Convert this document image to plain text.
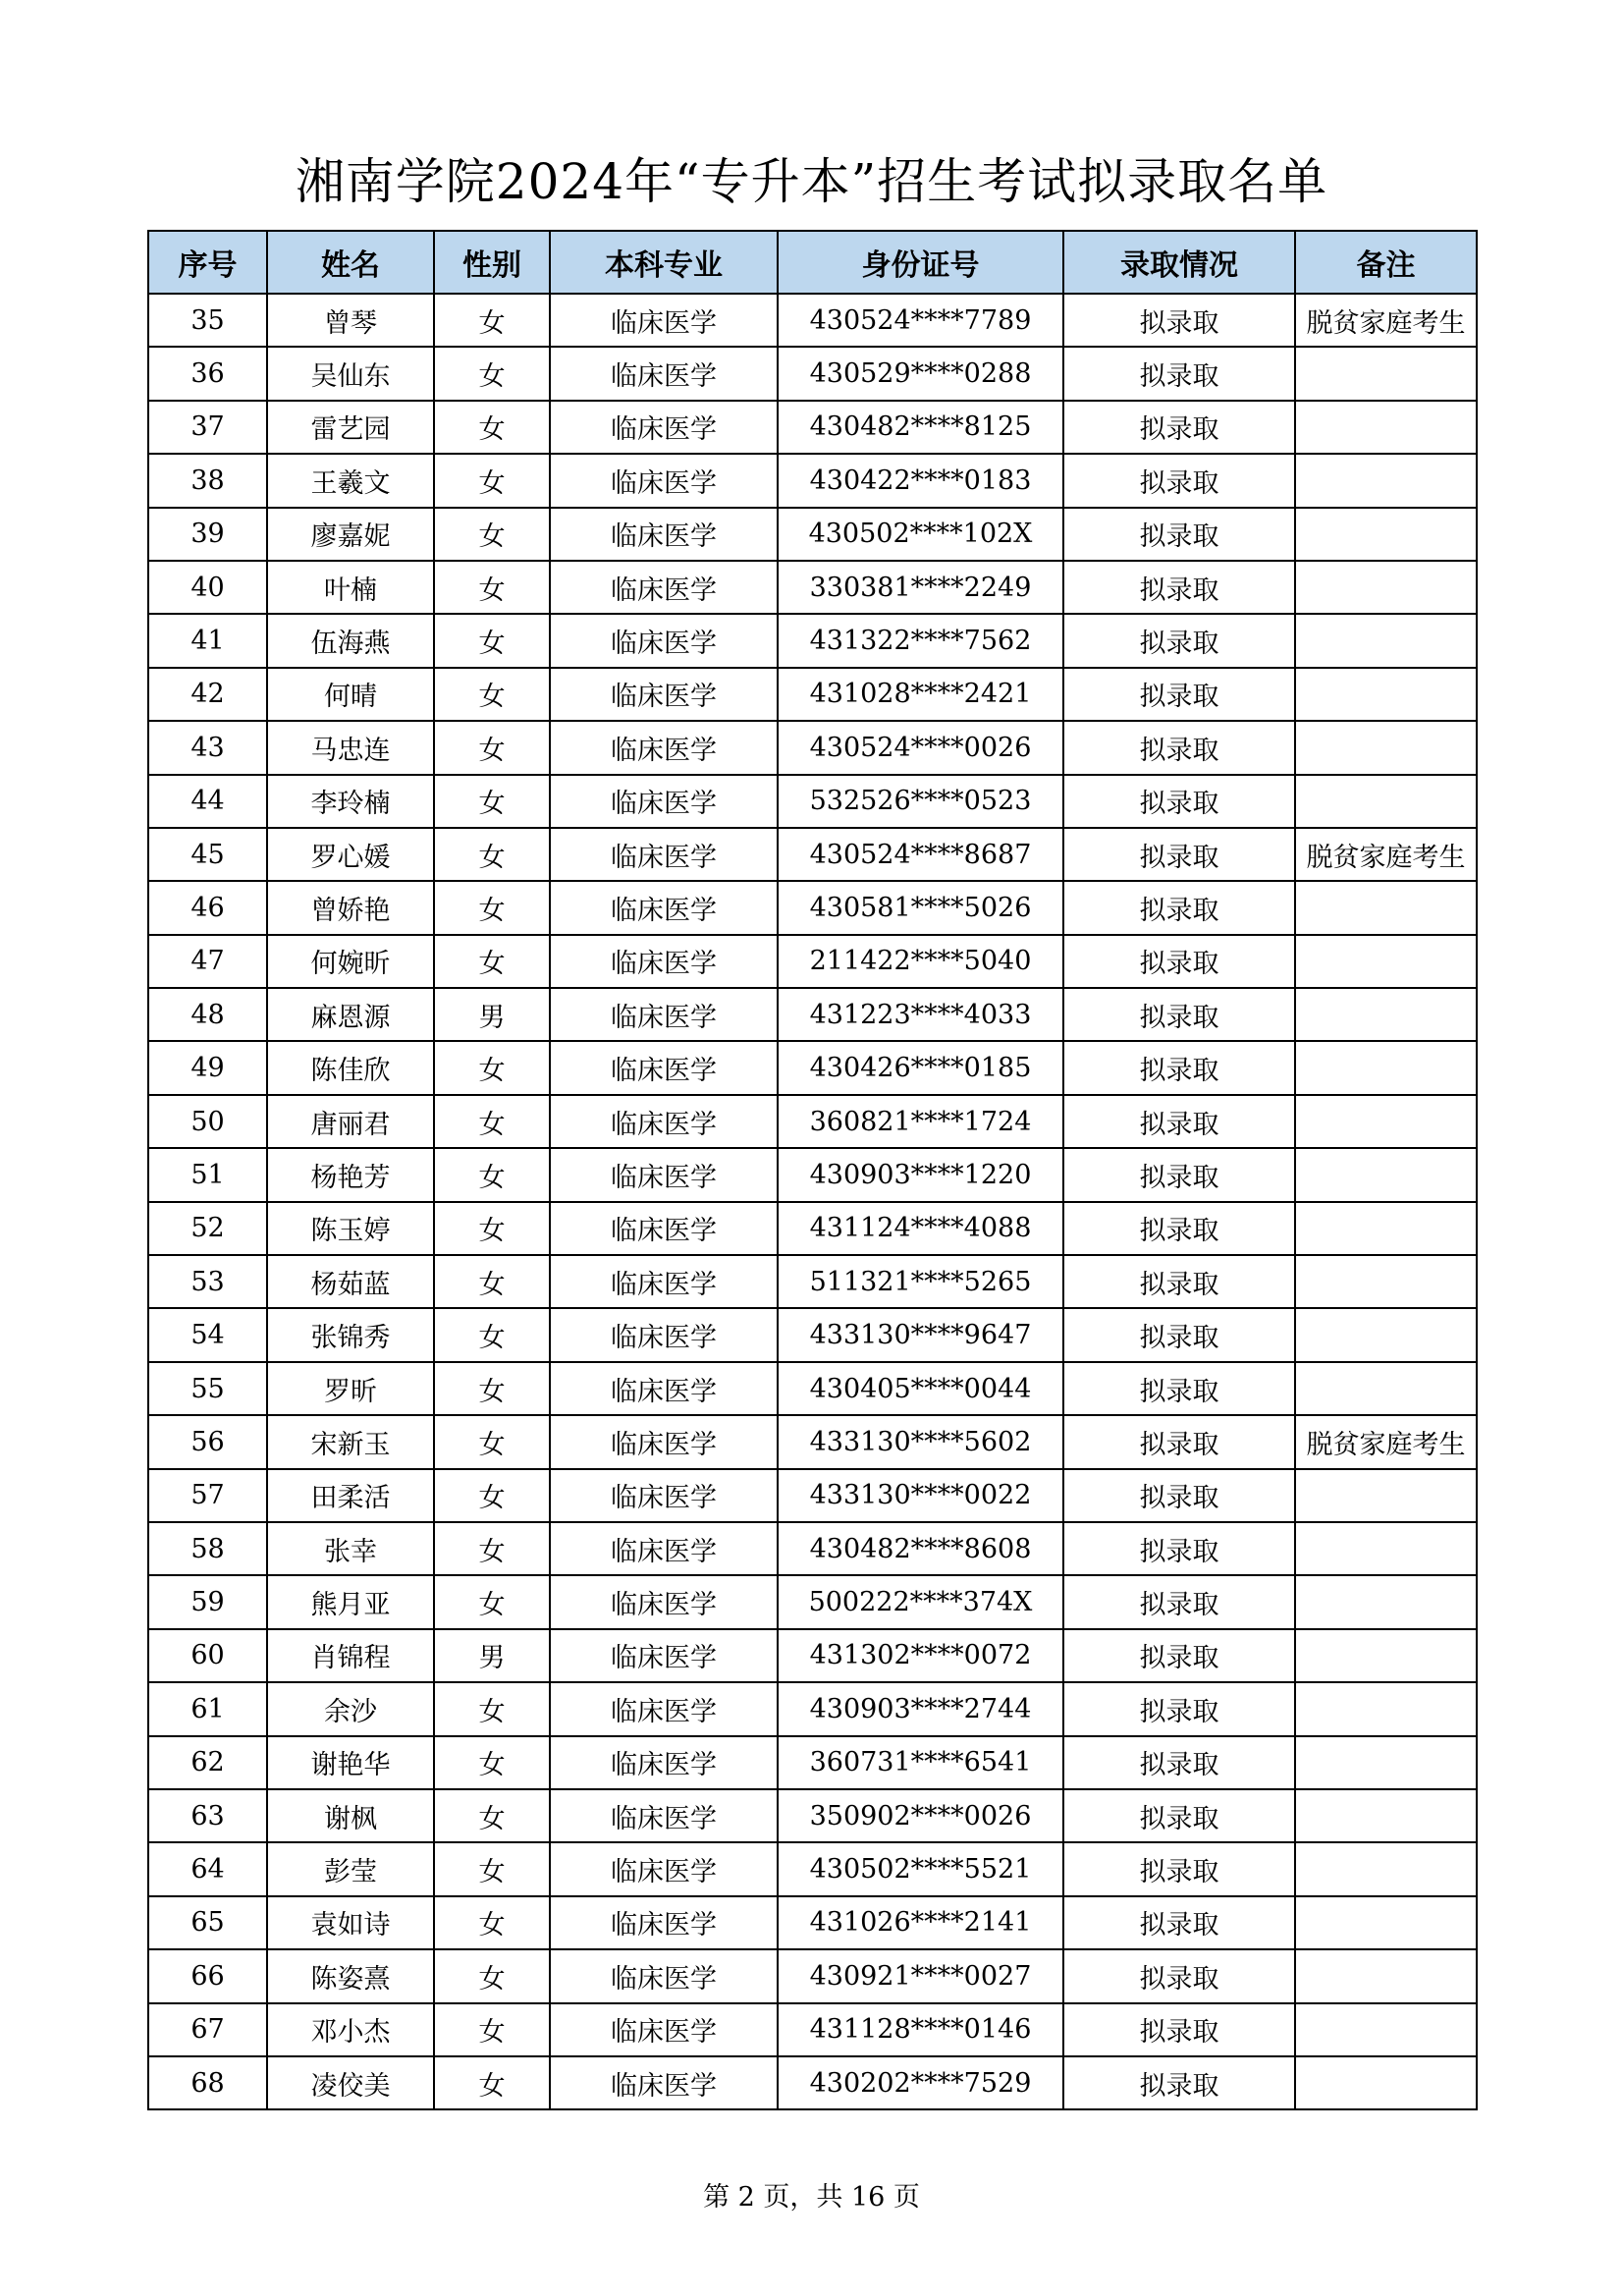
湘南学院2024年“专升本”招生考试拟录取名单
序号	姓名	性别	本科专业	身份证号	录取情况	备注
35	曾琴	女	临床医学	430524****7789	拟录取	脱贫家庭考生
36	吴仙东	女	临床医学	430529****0288	拟录取	
37	雷艺园	女	临床医学	430482****8125	拟录取	
38	王羲文	女	临床医学	430422****0183	拟录取	
39	廖嘉妮	女	临床医学	430502****102X	拟录取	
40	叶楠	女	临床医学	330381****2249	拟录取	
41	伍海燕	女	临床医学	431322****7562	拟录取	
42	何晴	女	临床医学	431028****2421	拟录取	
43	马忠连	女	临床医学	430524****0026	拟录取	
44	李玲楠	女	临床医学	532526****0523	拟录取	
45	罗心媛	女	临床医学	430524****8687	拟录取	脱贫家庭考生
46	曾娇艳	女	临床医学	430581****5026	拟录取	
47	何婉昕	女	临床医学	211422****5040	拟录取	
48	麻恩源	男	临床医学	431223****4033	拟录取	
49	陈佳欣	女	临床医学	430426****0185	拟录取	
50	唐丽君	女	临床医学	360821****1724	拟录取	
51	杨艳芳	女	临床医学	430903****1220	拟录取	
52	陈玉婷	女	临床医学	431124****4088	拟录取	
53	杨茹蓝	女	临床医学	511321****5265	拟录取	
54	张锦秀	女	临床医学	433130****9647	拟录取	
55	罗昕	女	临床医学	430405****0044	拟录取	
56	宋新玉	女	临床医学	433130****5602	拟录取	脱贫家庭考生
57	田柔活	女	临床医学	433130****0022	拟录取	
58	张幸	女	临床医学	430482****8608	拟录取	
59	熊月亚	女	临床医学	500222****374X	拟录取	
60	肖锦程	男	临床医学	431302****0072	拟录取	
61	余沙	女	临床医学	430903****2744	拟录取	
62	谢艳华	女	临床医学	360731****6541	拟录取	
63	谢枫	女	临床医学	350902****0026	拟录取	
64	彭莹	女	临床医学	430502****5521	拟录取	
65	袁如诗	女	临床医学	431026****2141	拟录取	
66	陈姿熹	女	临床医学	430921****0027	拟录取	
67	邓小杰	女	临床医学	431128****0146	拟录取	
68	凌佼美	女	临床医学	430202****7529	拟录取	
第 2 页，共 16 页
